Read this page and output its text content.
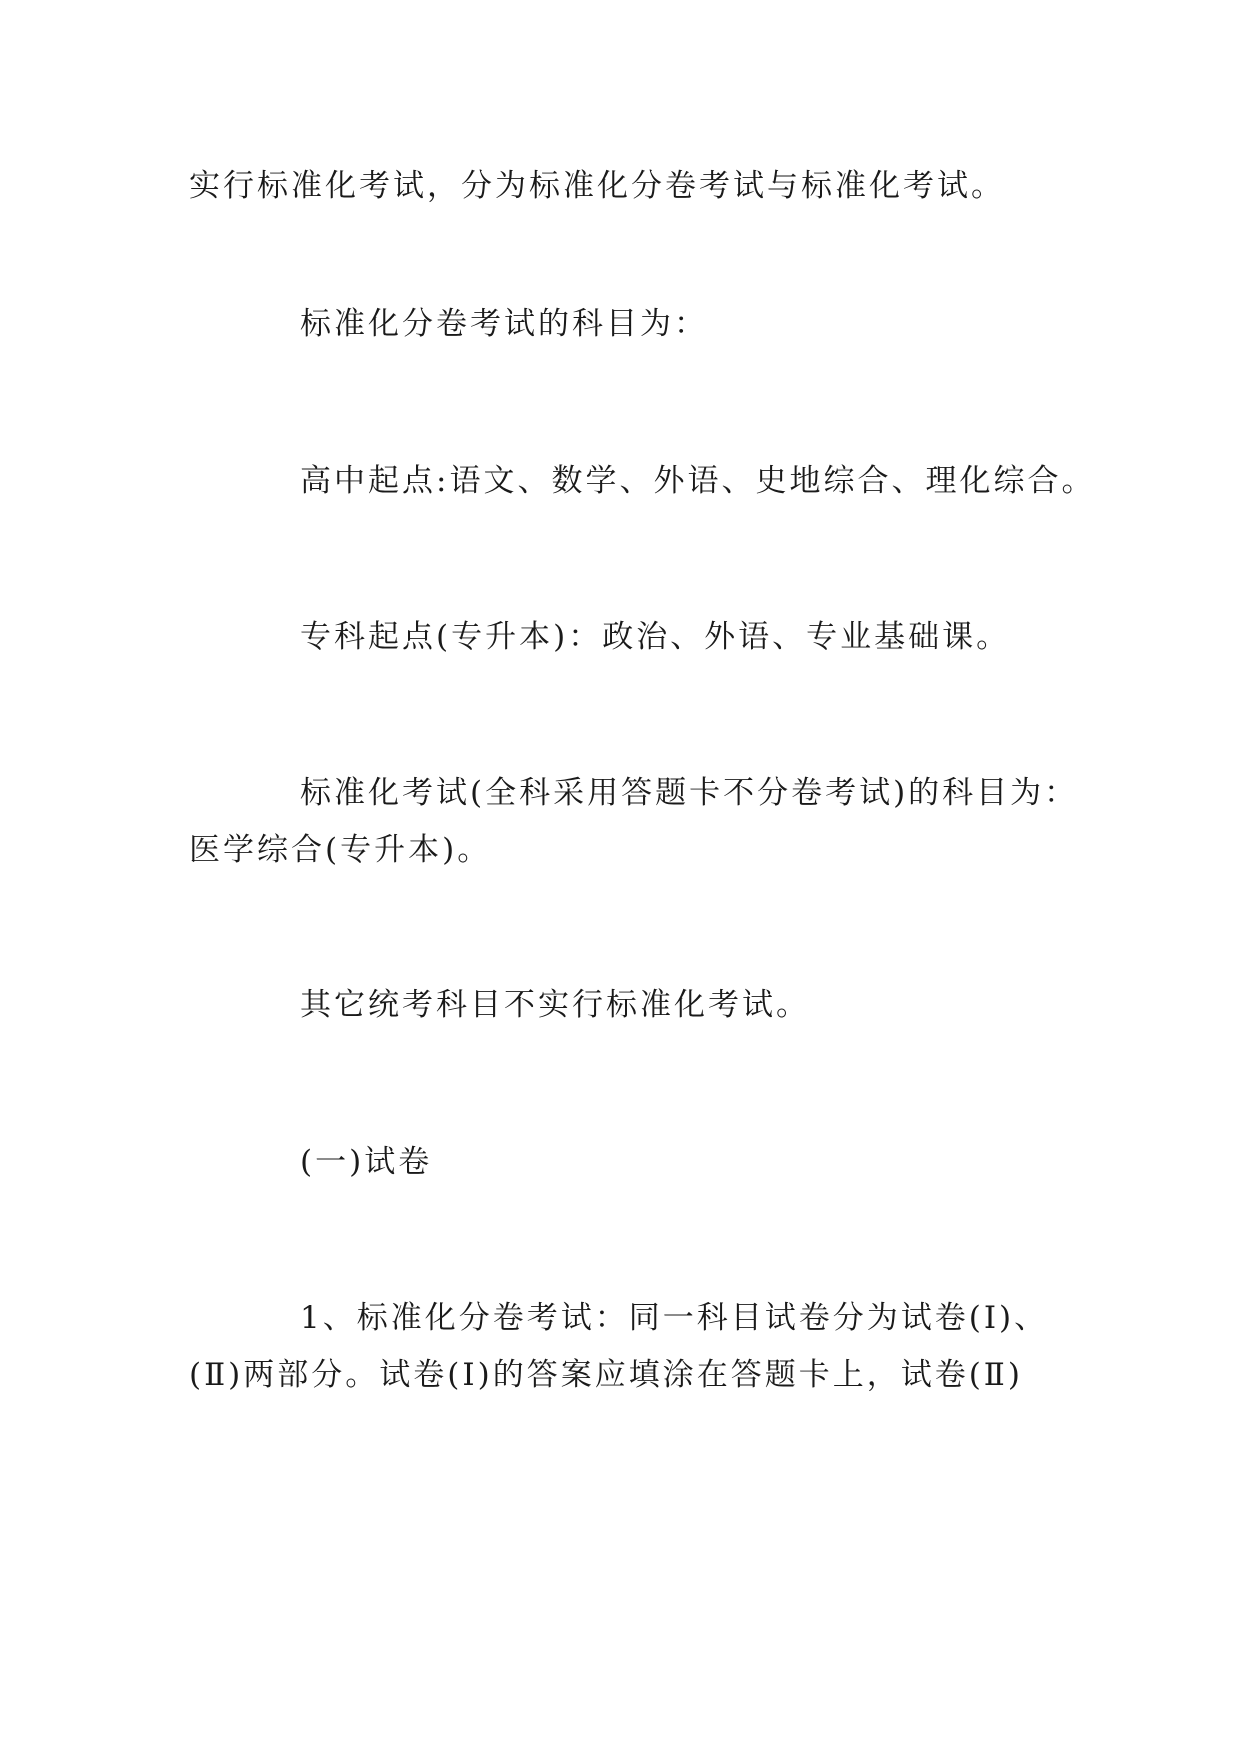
实行标准化考试，分为标准化分卷考试与标准化考试。
标准化分卷考试的科目为：
高中起点:语文、数学、外语、史地综合、理化综合。
专科起点(专升本)：政治、外语、专业基础课。
标准化考试(全科采用答题卡不分卷考试)的科目为：
医学综合(专升本)。
其它统考科目不实行标准化考试。
(一)试卷
1、标准化分卷考试：同一科目试卷分为试卷(Ⅰ)、
(Ⅱ)两部分。试卷(Ⅰ)的答案应填涂在答题卡上，试卷(Ⅱ)
